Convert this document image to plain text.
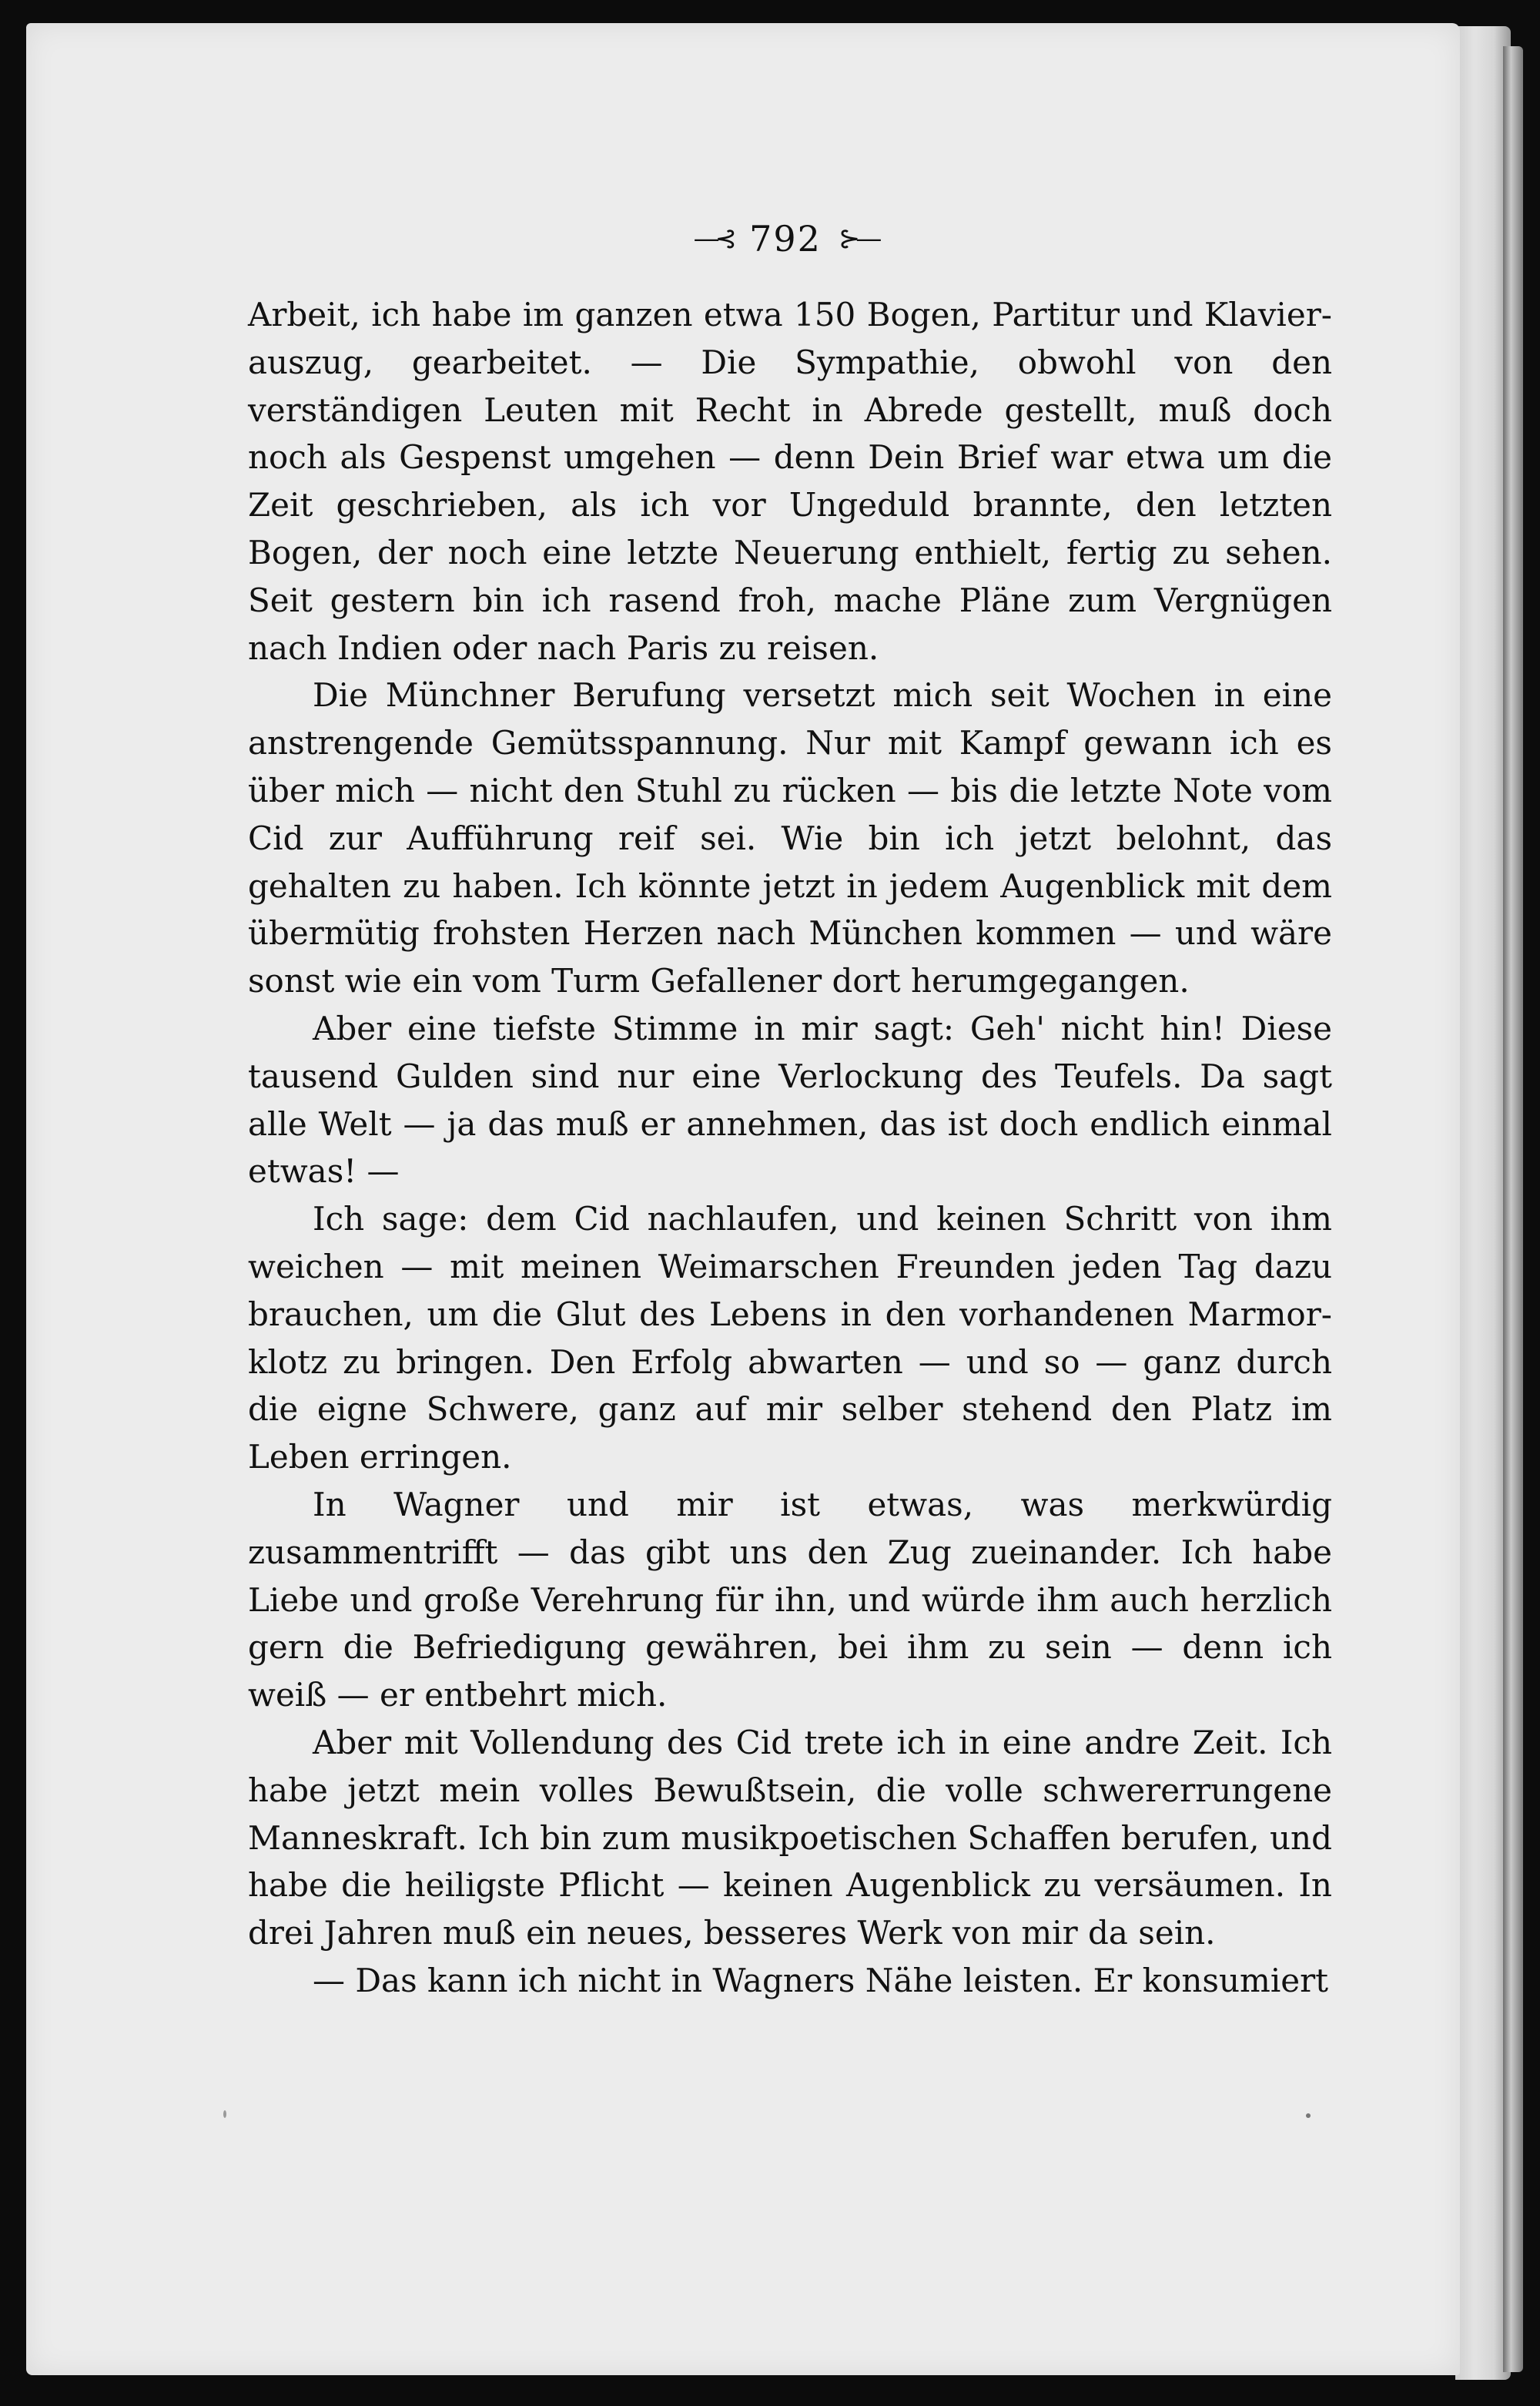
—⊰ 792 ⊱—

Arbeit, ich habe im ganzen etwa 150 Bogen, Partitur und Klavierauszug, gearbeitet. — Die Sympathie, obwohl von den verständigen Leuten mit Recht in Abrede gestellt, muß doch noch als Gespenst umgehen — denn Dein Brief war etwa um die Zeit geschrieben, als ich vor Ungeduld brannte, den letzten Bogen, der noch eine letzte Neuerung enthielt, fertig zu sehen. Seit gestern bin ich rasend froh, mache Pläne zum Vergnügen nach Indien oder nach Paris zu reisen.

Die Münchner Berufung versetzt mich seit Wochen in eine anstrengende Gemütsspannung. Nur mit Kampf gewann ich es über mich — nicht den Stuhl zu rücken — bis die letzte Note vom Cid zur Aufführung reif sei. Wie bin ich jetzt belohnt, das gehalten zu haben. Ich könnte jetzt in jedem Augenblick mit dem übermütig frohsten Herzen nach München kommen — und wäre sonst wie ein vom Turm Gefallener dort herumgegangen.

Aber eine tiefste Stimme in mir sagt: Geh' nicht hin! Diese tausend Gulden sind nur eine Verlockung des Teufels. Da sagt alle Welt — ja das muß er annehmen, das ist doch endlich einmal etwas! —

Ich sage: dem Cid nachlaufen, und keinen Schritt von ihm weichen — mit meinen Weimarschen Freunden jeden Tag dazu brauchen, um die Glut des Lebens in den vorhandenen Marmorklotz zu bringen. Den Erfolg abwarten — und so — ganz durch die eigne Schwere, ganz auf mir selber stehend den Platz im Leben erringen.

In Wagner und mir ist etwas, was merkwürdig zusammentrifft — das gibt uns den Zug zueinander. Ich habe Liebe und große Verehrung für ihn, und würde ihm auch herzlich gern die Befriedigung gewähren, bei ihm zu sein — denn ich weiß — er entbehrt mich.

Aber mit Vollendung des Cid trete ich in eine andre Zeit. Ich habe jetzt mein volles Bewußtsein, die volle schwererrungene Manneskraft. Ich bin zum musikpoetischen Schaffen berufen, und habe die heiligste Pflicht — keinen Augenblick zu versäumen. In drei Jahren muß ein neues, besseres Werk von mir da sein.

— Das kann ich nicht in Wagners Nähe leisten. Er konsumiert
